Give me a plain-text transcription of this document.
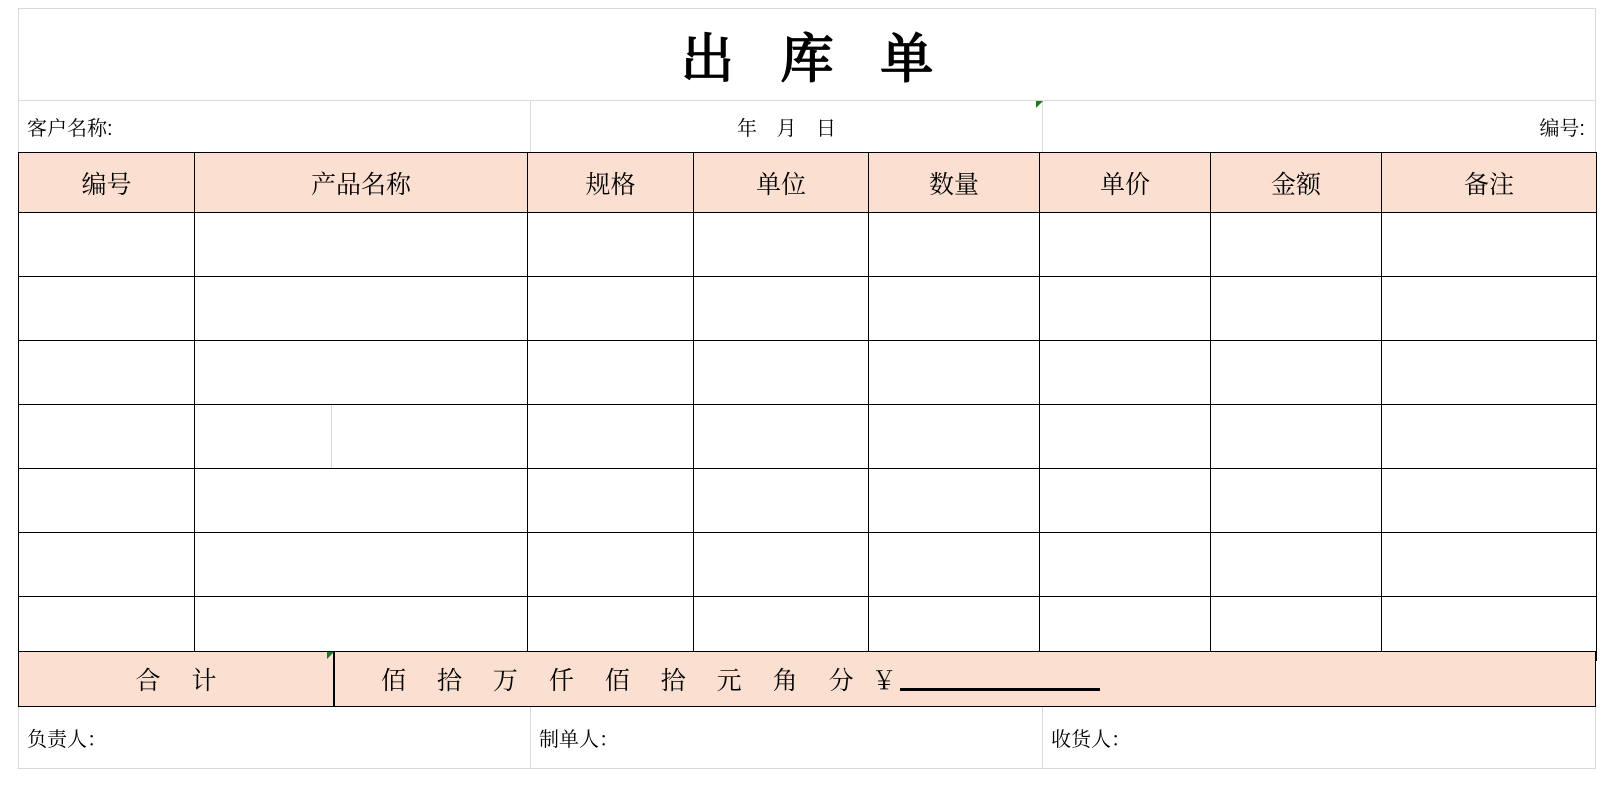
出 库 单
客户名称:	年 月 日	编号:
编号	产品名称	规格	单位	数量	单价	金额	备注

合 计	佰 拾 万 仟 佰 拾 元 角 分 ￥
负责人：	制单人：	收货人：
